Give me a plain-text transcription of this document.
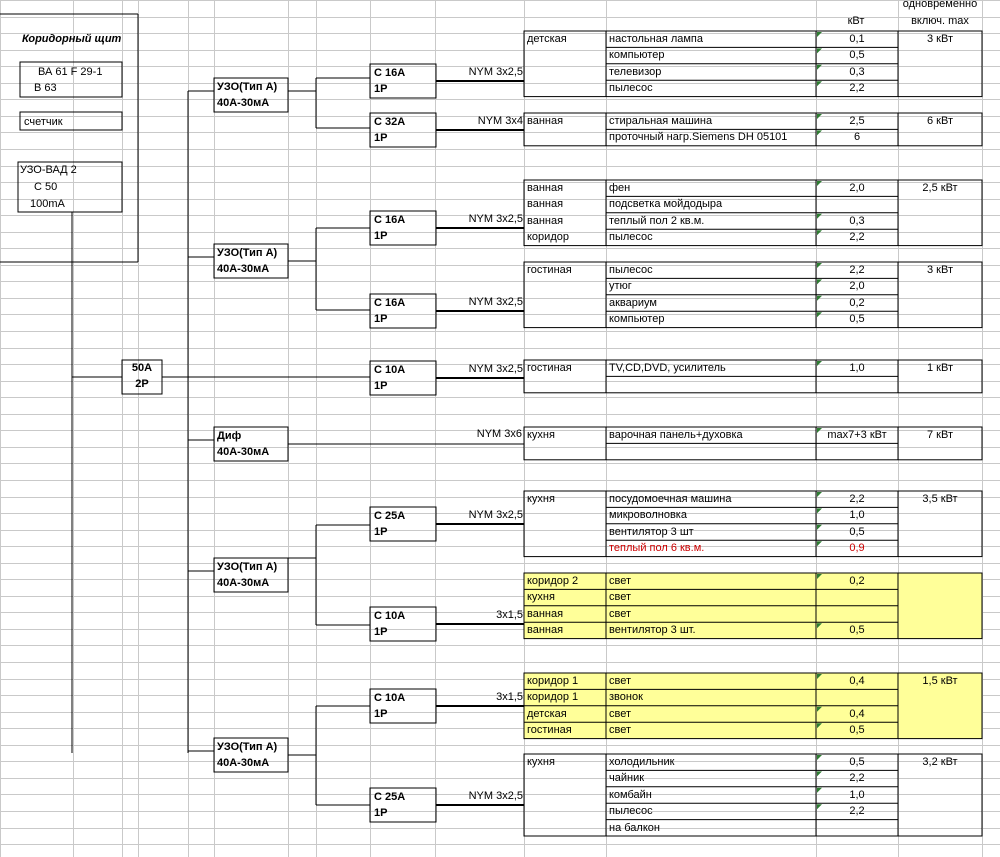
кВт
одновременно
включ. max
Коридорный щит
ВА 61 F 29-1
B 63
счетчик
УЗО-ВАД 2
С 50
100mA
50А
2Р
УЗО(Тип А)
40А-30мА
УЗО(Тип А)
40А-30мА
Диф
40А-30мА
УЗО(Тип А)
40А-30мА
УЗО(Тип А)
40А-30мА
С 16А
1Р
NYM 3х2,5
С 32А
1Р
NYM 3х4
С 16А
1Р
NYM 3х2,5
С 16А
1Р
NYM 3х2,5
С 10А
1Р
NYM 3х2,5
NYM 3х6
С 25А
1Р
NYM 3х2,5
С 10А
1Р
3х1,5
С 10А
1Р
3х1,5
С 25А
1Р
NYM 3х2,5
3 кВт
детская	настольная лампа	0,1
компьютер	0,5
телевизор	0,3
пылесос	2,2
6 кВт
ванная	стиральная машина	2,5
проточный нагр.Siemens DH 05101	6
2,5 кВт
ванная	фен	2,0
ванная	подсветка мойдодыра
ванная	теплый пол 2 кв.м.	0,3
коридор	пылесос	2,2
3 кВт
гостиная	пылесос	2,2
утюг	2,0
аквариум	0,2
компьютер	0,5
1 кВт
гостиная	TV,CD,DVD, усилитель	1,0
7 кВт
кухня	варочная панель+духовка	max7+3 кВт
3,5 кВт
кухня	посудомоечная машина	2,2
микроволновка	1,0
вентилятор 3 шт	0,5
теплый пол 6 кв.м.	0,9
коридор 2	свет	0,2
кухня	свет
ванная	свет
ванная	вентилятор 3 шт.	0,5
1,5 кВт
коридор 1	свет	0,4
коридор 1	звонок
детская	свет	0,4
гостиная	свет	0,5
3,2 кВт
кухня	холодильник	0,5
чайник	2,2
комбайн	1,0
пылесос	2,2
на балкон
